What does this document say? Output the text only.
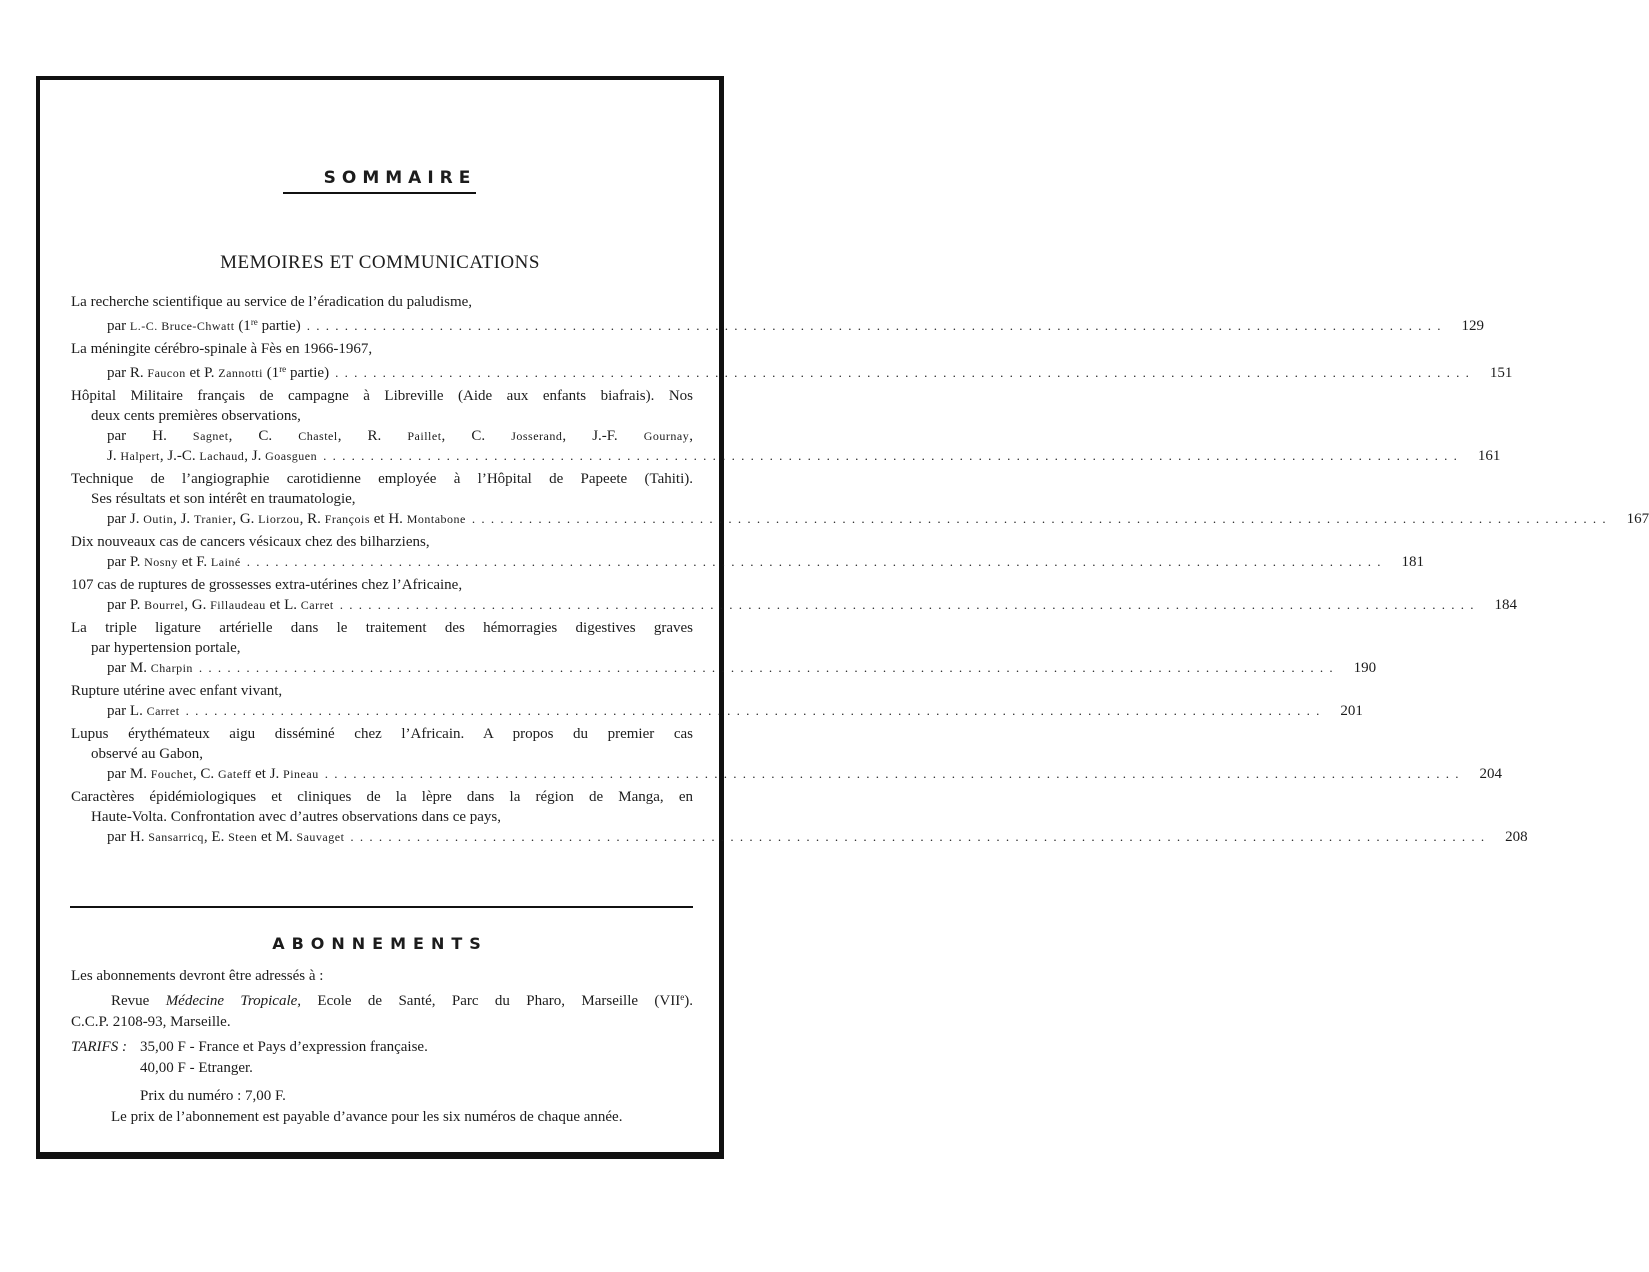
SOMMAIRE
MEMOIRES ET COMMUNICATIONS
La recherche scientifique au service de l’éradication du paludisme,
par L.-C. Bruce-Chwatt (1re partie) . . . . . . . . . . . . . . . . . . . . . . . . . . . . . . . . . . . . . . . . . . . . . . . . . . . . . . . . . . . . . . . . . . . . . . . . . . . . . . . . . . . . . . . . . . . . . . . . . . . . . . . . . . . . . . . . . . . . . . . .	129
La méningite cérébro-spinale à Fès en 1966-1967,
par R. Faucon et P. Zannotti (1re partie) . . . . . . . . . . . . . . . . . . . . . . . . . . . . . . . . . . . . . . . . . . . . . . . . . . . . . . . . . . . . . . . . . . . . . . . . . . . . . . . . . . . . . . . . . . . . . . . . . . . . . . . . . . . . . . . . . . . . . . . .	151
Hôpital Militaire français de campagne à Libreville (Aide aux enfants biafrais). Nos
deux cents premières observations,
par H. Sagnet, C. Chastel, R. Paillet, C. Josserand, J.-F. Gournay,
J. Halpert, J.-C. Lachaud, J. Goasguen . . . . . . . . . . . . . . . . . . . . . . . . . . . . . . . . . . . . . . . . . . . . . . . . . . . . . . . . . . . . . . . . . . . . . . . . . . . . . . . . . . . . . . . . . . . . . . . . . . . . . . . . . . . . . . . . . . . . . . . .	161
Technique de l’angiographie carotidienne employée à l’Hôpital de Papeete (Tahiti).
Ses résultats et son intérêt en traumatologie,
par J. Outin, J. Tranier, G. Liorzou, R. François et H. Montabone . . . . . . . . . . . . . . . . . . . . . . . . . . . . . . . . . . . . . . . . . . . . . . . . . . . . . . . . . . . . . . . . . . . . . . . . . . . . . . . . . . . . . . . . . . . . . . . . . . . . . . . . . . . . . . . . . . . . . . . .	167
Dix nouveaux cas de cancers vésicaux chez des bilharziens,
par P. Nosny et F. Lainé . . . . . . . . . . . . . . . . . . . . . . . . . . . . . . . . . . . . . . . . . . . . . . . . . . . . . . . . . . . . . . . . . . . . . . . . . . . . . . . . . . . . . . . . . . . . . . . . . . . . . . . . . . . . . . . . . . . . . . . .	181
107 cas de ruptures de grossesses extra-utérines chez l’Africaine,
par P. Bourrel, G. Fillaudeau et L. Carret . . . . . . . . . . . . . . . . . . . . . . . . . . . . . . . . . . . . . . . . . . . . . . . . . . . . . . . . . . . . . . . . . . . . . . . . . . . . . . . . . . . . . . . . . . . . . . . . . . . . . . . . . . . . . . . . . . . . . . . .	184
La triple ligature artérielle dans le traitement des hémorragies digestives graves
par hypertension portale,
par M. Charpin . . . . . . . . . . . . . . . . . . . . . . . . . . . . . . . . . . . . . . . . . . . . . . . . . . . . . . . . . . . . . . . . . . . . . . . . . . . . . . . . . . . . . . . . . . . . . . . . . . . . . . . . . . . . . . . . . . . . . . . .	190
Rupture utérine avec enfant vivant,
par L. Carret . . . . . . . . . . . . . . . . . . . . . . . . . . . . . . . . . . . . . . . . . . . . . . . . . . . . . . . . . . . . . . . . . . . . . . . . . . . . . . . . . . . . . . . . . . . . . . . . . . . . . . . . . . . . . . . . . . . . . . . .	201
Lupus érythémateux aigu disséminé chez l’Africain. A propos du premier cas
observé au Gabon,
par M. Fouchet, C. Gateff et J. Pineau . . . . . . . . . . . . . . . . . . . . . . . . . . . . . . . . . . . . . . . . . . . . . . . . . . . . . . . . . . . . . . . . . . . . . . . . . . . . . . . . . . . . . . . . . . . . . . . . . . . . . . . . . . . . . . . . . . . . . . . .	204
Caractères épidémiologiques et cliniques de la lèpre dans la région de Manga, en
Haute-Volta. Confrontation avec d’autres observations dans ce pays,
par H. Sansarricq, E. Steen et M. Sauvaget . . . . . . . . . . . . . . . . . . . . . . . . . . . . . . . . . . . . . . . . . . . . . . . . . . . . . . . . . . . . . . . . . . . . . . . . . . . . . . . . . . . . . . . . . . . . . . . . . . . . . . . . . . . . . . . . . . . . . . . .	208
ABONNEMENTS

Les abonnements devront être adressés à :

Revue Médecine Tropicale, Ecole de Santé, Parc du Pharo, Marseille (VIIe).

C.C.P. 2108-93, Marseille.

TARIFS : 35,00 F - France et Pays d’expression française.

40,00 F - Etranger.

Prix du numéro : 7,00 F.

Le prix de l’abonnement est payable d’avance pour les six numéros de chaque année.
